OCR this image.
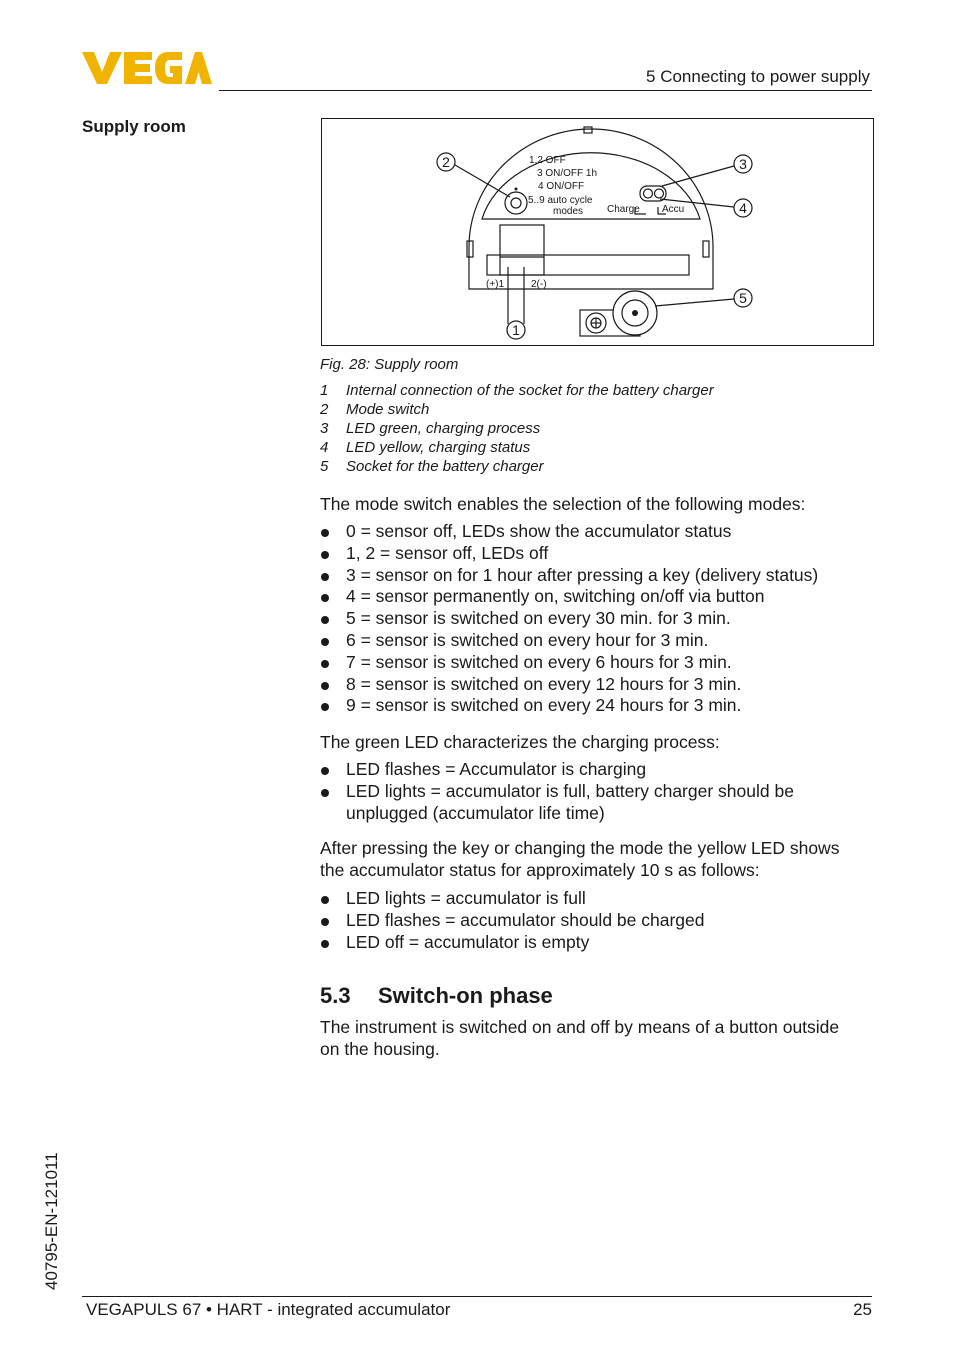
5 Connecting to power supply
Supply room
2	3
4
5
1
1,2 OFF
3 ON/OFF 1h
4 ON/OFF
5..9 auto cycle
modes Charge Accu
(+)1	2(-)
Fig. 28: Supply room
1 Internal connection of the socket for the battery charger
2 Mode switch
3 LED green, charging process
4 LED yellow, charging status
5 Socket for the battery charger
The mode switch enables the selection of the following modes:
0 = sensor off, LEDs show the accumulator status
1, 2 = sensor off, LEDs off
3 = sensor on for 1 hour after pressing a key (delivery status)
4 = sensor permanently on, switching on/off via button
5 = sensor is switched on every 30 min. for 3 min.
6 = sensor is switched on every hour for 3 min.
7 = sensor is switched on every 6 hours for 3 min.
8 = sensor is switched on every 12 hours for 3 min.
9 = sensor is switched on every 24 hours for 3 min.
The green LED characterizes the charging process:
LED flashes = Accumulator is charging
LED lights = accumulator is full, battery charger should be unplugged (accumulator life time)
After pressing the key or changing the mode the yellow LED shows the accumulator status for approximately 10 s as follows:
LED lights = accumulator is full
LED flashes = accumulator should be charged
LED off = accumulator is empty
5.3 Switch-on phase
The instrument is switched on and off by means of a button outside on the housing.
40795-EN-121011
VEGAPULS 67 • HART - integrated accumulator	25
